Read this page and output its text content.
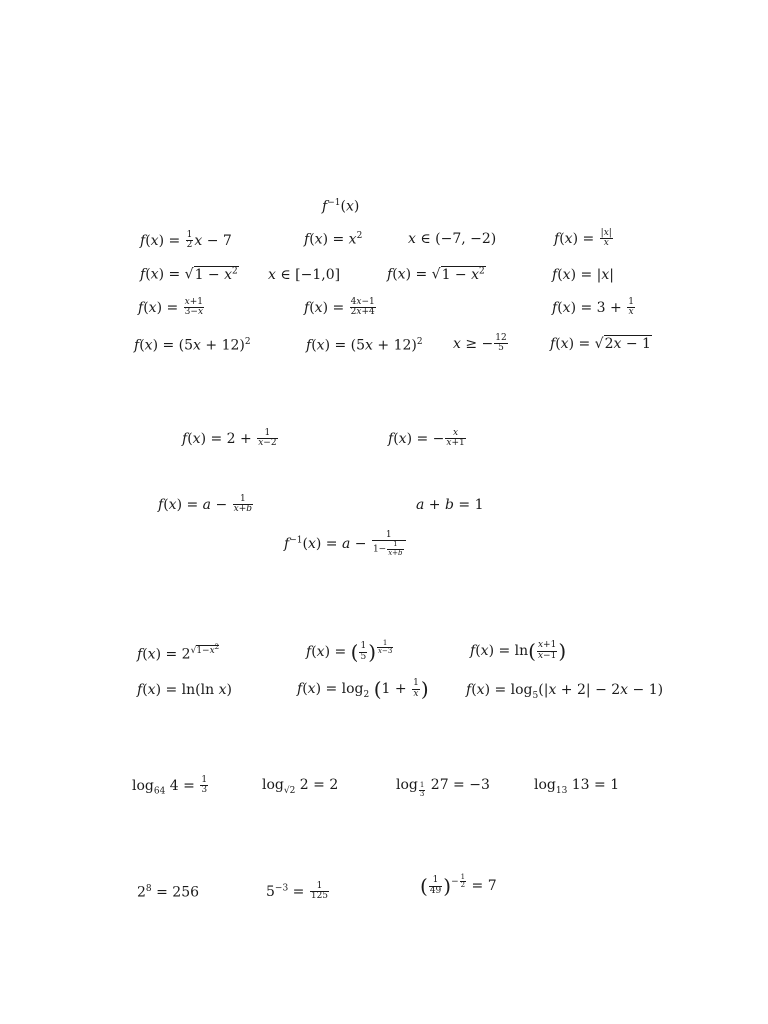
$f^{-1}(x)$
$f(x) = \frac{1}{2}$ x − 7	$f(x) = x^2$	x ∈ (−7, −2)	$f(x) = \frac{|x|}{x}$
$f(x) = √1 - x^2$ x ∈ [−1,0]	$f(x) = √1 - x^2$	f(x) = |x|
$f(x) = \frac{x+1}{3-x}$	$f(x) = \frac{4x-1}{2x+4}$	$f(x) = 3 + \frac{1}{x}$
$f(x) = (5x + 12)^2$	$f(x) = (5x + 12)^2$ x ≥ − $\frac{12}{5}$	f(x) = √2x − 1
$f(x) = 2 + \frac{1}{x-2}$	f(x) = − $\frac{x}{x+1}$
$f(x) = a - \frac{1}{x+b}$	a + b = 1
$f^{-1}(x) = a - \frac{1}{1- \frac{1}{x+b}}$
$f(x) = 2^{√1-x^2}$	f(x) = ( $\frac{1}{5}$ ) $^{\frac{1}{x-3}}$	$f(x) = \ln( \frac{x+1}{x-1}$ )
f(x) = ln(ln x)	$f(x) = \log_2 (1 + \frac{1}{x}$ )	$f(x) = \log_5(|x + 2| - 2x - 1)$
$\log_{64} 4 = \frac{1}{3}$	$\log_{√2} 2 = 2$	log $_{\frac{1}{3}}$ 27 = −3	$\log_{13} 13 = 1$
$2^8 = 256$	$5^{-3} = \frac{1}{125}$	( $\frac{1}{49} )^{- \frac{1}{2}} = 7$
